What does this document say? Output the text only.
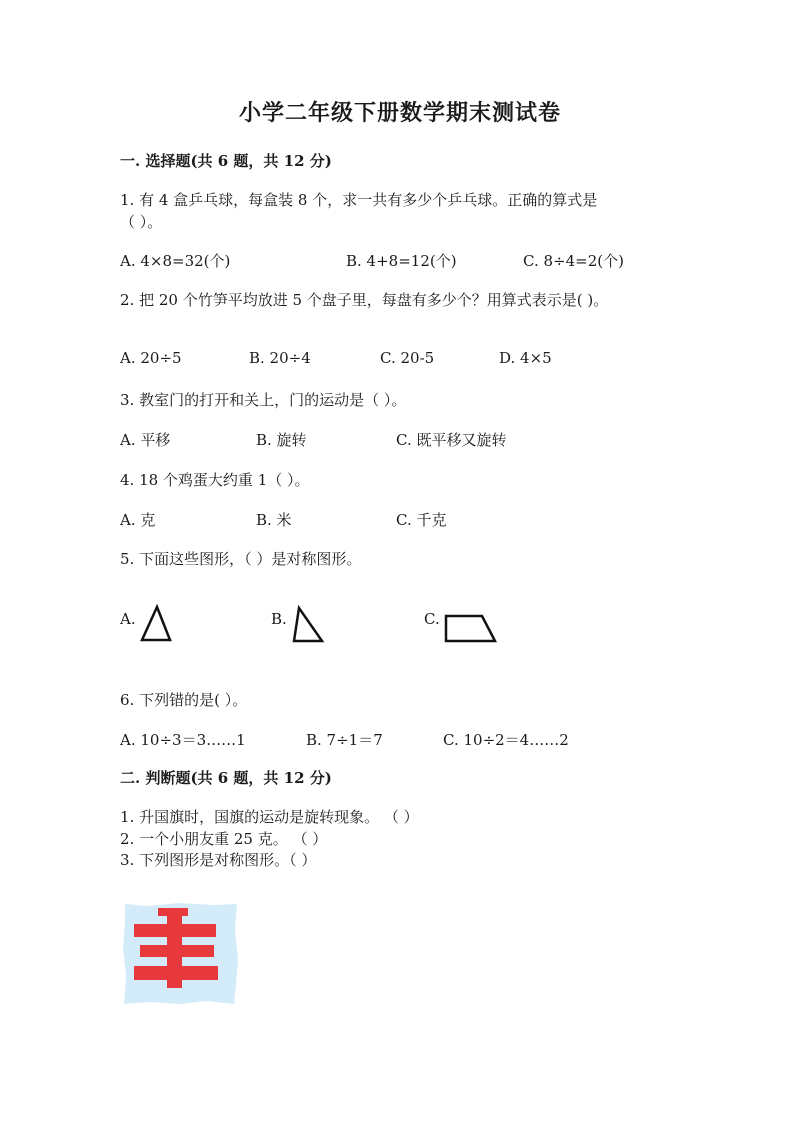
小学二年级下册数学期末测试卷
一. 选择题(共 6 题，共 12 分)
1. 有 4 盒乒乓球，每盒装 8 个，求一共有多少个乒乓球。正确的算式是
（ ）。
A. 4×8=32(个)	B. 4+8=12(个)	C. 8÷4=2(个)
2. 把 20 个竹笋平均放进 5 个盘子里，每盘有多少个？用算式表示是( )。
A. 20÷5	B. 20÷4	C. 20-5	D. 4×5
3. 教室门的打开和关上，门的运动是（ ）。
A. 平移	B. 旋转	C. 既平移又旋转
4. 18 个鸡蛋大约重 1（ ）。
A. 克	B. 米	C. 千克
5. 下面这些图形，（ ）是对称图形。
A.	B.	C.
6. 下列错的是( ）。
A. 10÷3＝3……1	B. 7÷1＝7	C. 10÷2＝4……2
二. 判断题(共 6 题，共 12 分)
1. 升国旗时，国旗的运动是旋转现象。 （ ）
2. 一个小朋友重 25 克。 （ ）
3. 下列图形是对称图形。（ ）
